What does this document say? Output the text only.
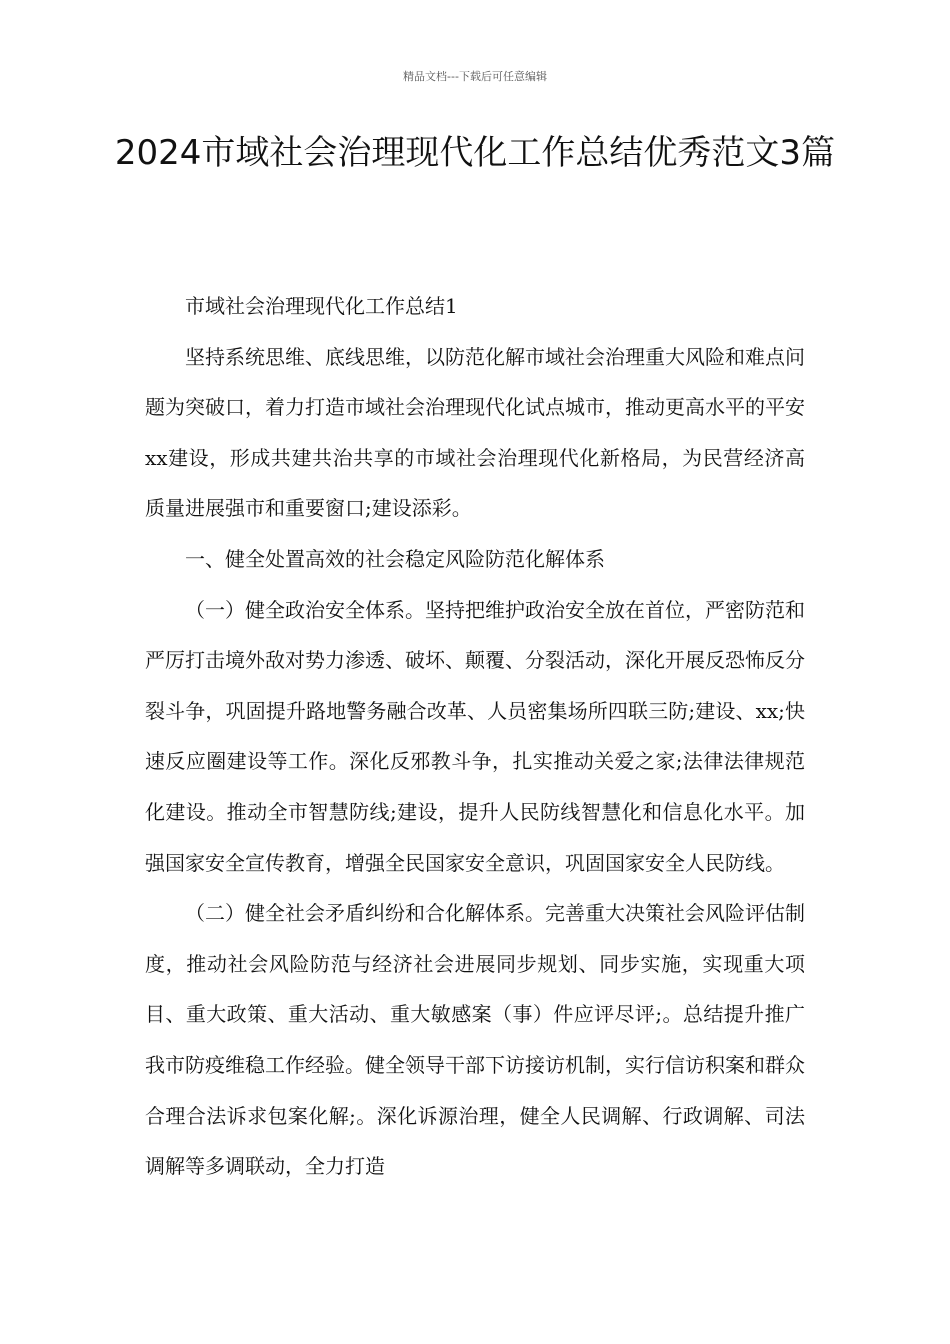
精品文档---下载后可任意编辑
2024市域社会治理现代化工作总结优秀范文3篇

市域社会治理现代化工作总结1

坚持系统思维、底线思维，以防范化解市域社会治理重大风险和难点问题为突破口，着力打造市域社会治理现代化试点城市，推动更高水平的平安xx建设，形成共建共治共享的市域社会治理现代化新格局，为民营经济高质量进展强市和重要窗口;建设添彩。

一、健全处置高效的社会稳定风险防范化解体系

（一）健全政治安全体系。坚持把维护政治安全放在首位，严密防范和严厉打击境外敌对势力渗透、破坏、颠覆、分裂活动，深化开展反恐怖反分裂斗争，巩固提升路地警务融合改革、人员密集场所四联三防;建设、xx;快速反应圈建设等工作。深化反邪教斗争，扎实推动关爱之家;法律法律规范化建设。推动全市智慧防线;建设，提升人民防线智慧化和信息化水平。加强国家安全宣传教育，增强全民国家安全意识，巩固国家安全人民防线。

（二）健全社会矛盾纠纷和合化解体系。完善重大决策社会风险评估制度，推动社会风险防范与经济社会进展同步规划、同步实施，实现重大项目、重大政策、重大活动、重大敏感案（事）件应评尽评;。总结提升推广我市防疫维稳工作经验。健全领导干部下访接访机制，实行信访积案和群众合理合法诉求包案化解;。深化诉源治理，健全人民调解、行政调解、司法调解等多调联动，全力打造
